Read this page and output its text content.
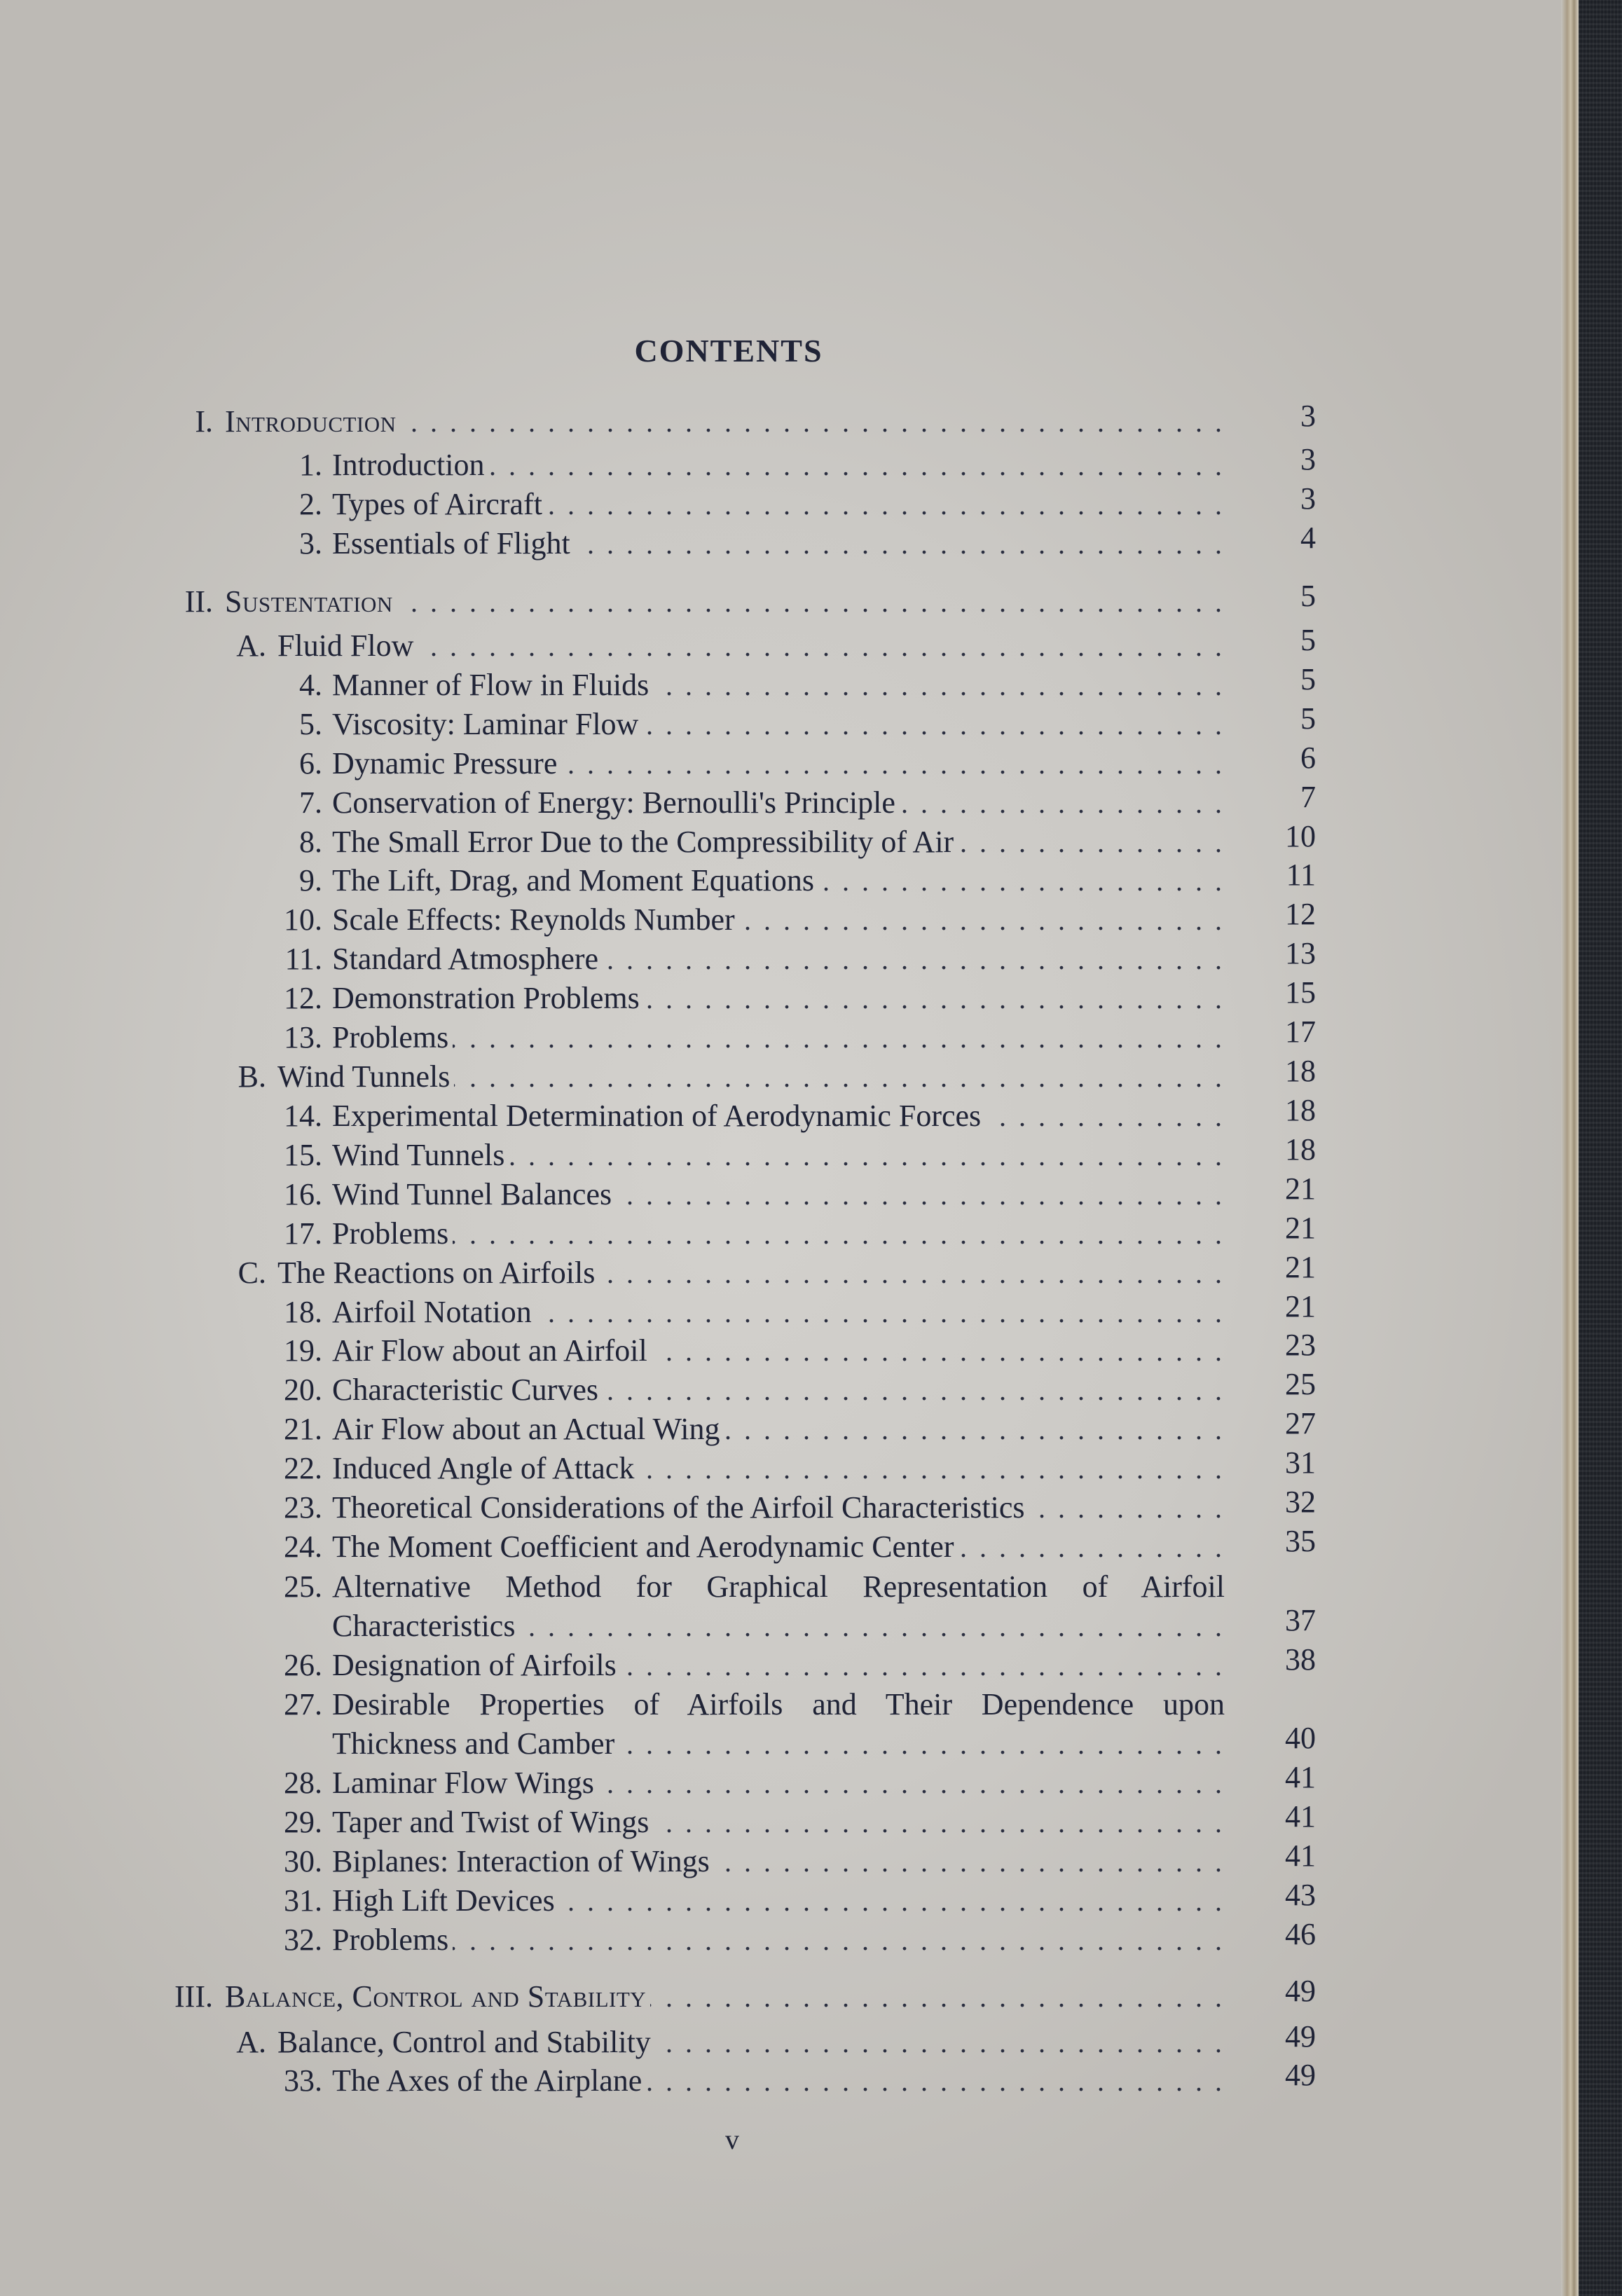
CONTENTS
I. Introduction . . .	3
1. Introduction . . .	3
2. Types of Aircraft . . .	3
3. Essentials of Flight . . .	4
II. Sustentation . . .	5
A. Fluid Flow . . .	5
4. Manner of Flow in Fluids . . .	5
5. Viscosity: Laminar Flow . . .	5
6. Dynamic Pressure . . .	6
7. Conservation of Energy: Bernoulli's Principle . . .	7
8. The Small Error Due to the Compressibility of Air . . .	10
9. The Lift, Drag, and Moment Equations . . .	11
10. Scale Effects: Reynolds Number . . .	12
11. Standard Atmosphere . . .	13
12. Demonstration Problems . . .	15
13. Problems . . .	17
B. Wind Tunnels . . .	18
14. Experimental Determination of Aerodynamic Forces . . .	18
15. Wind Tunnels . . .	18
16. Wind Tunnel Balances . . .	21
17. Problems . . .	21
C. The Reactions on Airfoils . . .	21
18. Airfoil Notation . . .	21
19. Air Flow about an Airfoil . . .	23
20. Characteristic Curves . . .	25
21. Air Flow about an Actual Wing . . .	27
22. Induced Angle of Attack . . .	31
23. Theoretical Considerations of the Airfoil Characteristics . . .	32
24. The Moment Coefficient and Aerodynamic Center . . .	35
25. Alternative Method for Graphical Representation of Airfoil
Characteristics . . .	37
26. Designation of Airfoils . . .	38
27. Desirable Properties of Airfoils and Their Dependence upon
Thickness and Camber . . .	40
28. Laminar Flow Wings . . .	41
29. Taper and Twist of Wings . . .	41
30. Biplanes: Interaction of Wings . . .	41
31. High Lift Devices . . .	43
32. Problems . . .	46
III. Balance, Control and Stability . . .	49
A. Balance, Control and Stability . . .	49
33. The Axes of the Airplane . . .	49
v
